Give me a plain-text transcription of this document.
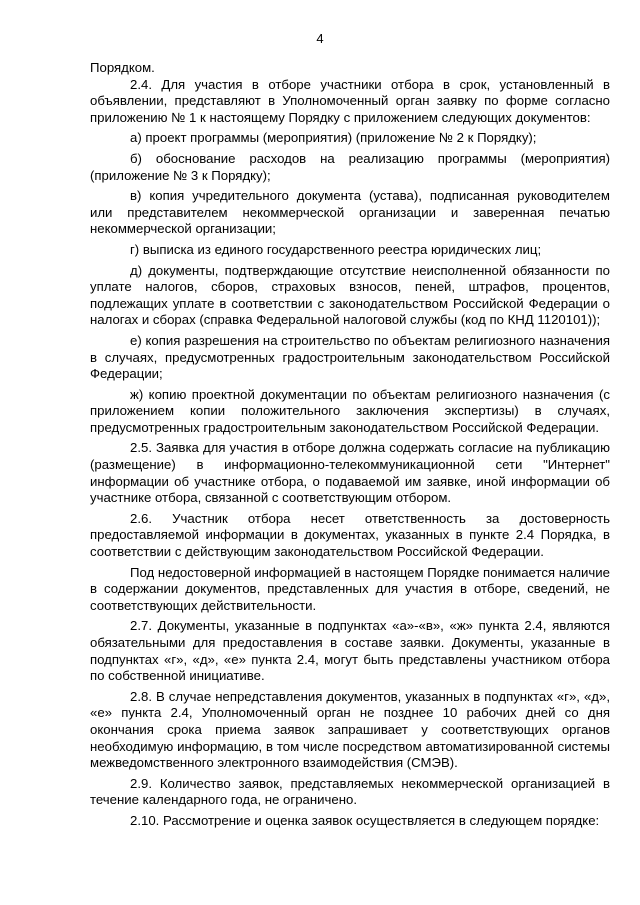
4

Порядком.

2.4. Для участия в отборе участники отбора в срок, установленный в объявлении, представляют в Уполномоченный орган заявку по форме согласно приложению № 1 к настоящему Порядку с приложением следующих документов:

а) проект программы (мероприятия) (приложение № 2 к Порядку);

б) обоснование расходов на реализацию программы (мероприятия) (приложение № 3 к Порядку);

в) копия учредительного документа (устава), подписанная руководителем или представителем некоммерческой организации и заверенная печатью некоммерческой организации;

г) выписка из единого государственного реестра юридических лиц;

д) документы, подтверждающие отсутствие неисполненной обязанности по уплате налогов, сборов, страховых взносов, пеней, штрафов, процентов, подлежащих уплате в соответствии с законодательством Российской Федерации о налогах и сборах (справка Федеральной налоговой службы (код по КНД 1120101));

е) копия разрешения на строительство по объектам религиозного назначения в случаях, предусмотренных градостроительным законодательством Российской Федерации;

ж) копию проектной документации по объектам религиозного назначения (с приложением копии положительного заключения экспертизы) в случаях, предусмотренных градостроительным законодательством Российской Федерации.

2.5. Заявка для участия в отборе должна содержать согласие на публикацию (размещение) в информационно-телекоммуникационной сети "Интернет" информации об участнике отбора, о подаваемой им заявке, иной информации об участнике отбора, связанной с соответствующим отбором.

2.6. Участник отбора несет ответственность за достоверность предоставляемой информации в документах, указанных в пункте 2.4 Порядка, в соответствии с действующим законодательством Российской Федерации.

Под недостоверной информацией в настоящем Порядке понимается наличие в содержании документов, представленных для участия в отборе, сведений, не соответствующих действительности.

2.7. Документы, указанные в подпунктах «а»-«в», «ж» пункта 2.4, являются обязательными для предоставления в составе заявки. Документы, указанные в подпунктах «г», «д», «е» пункта 2.4, могут быть представлены участником отбора по собственной инициативе.

2.8. В случае непредставления документов, указанных в подпунктах «г», «д», «е» пункта 2.4, Уполномоченный орган не позднее 10 рабочих дней со дня окончания срока приема заявок запрашивает у соответствующих органов необходимую информацию, в том числе посредством автоматизированной системы межведомственного электронного взаимодействия (СМЭВ).

2.9. Количество заявок, представляемых некоммерческой организацией в течение календарного года, не ограничено.

2.10. Рассмотрение и оценка заявок осуществляется в следующем порядке:
